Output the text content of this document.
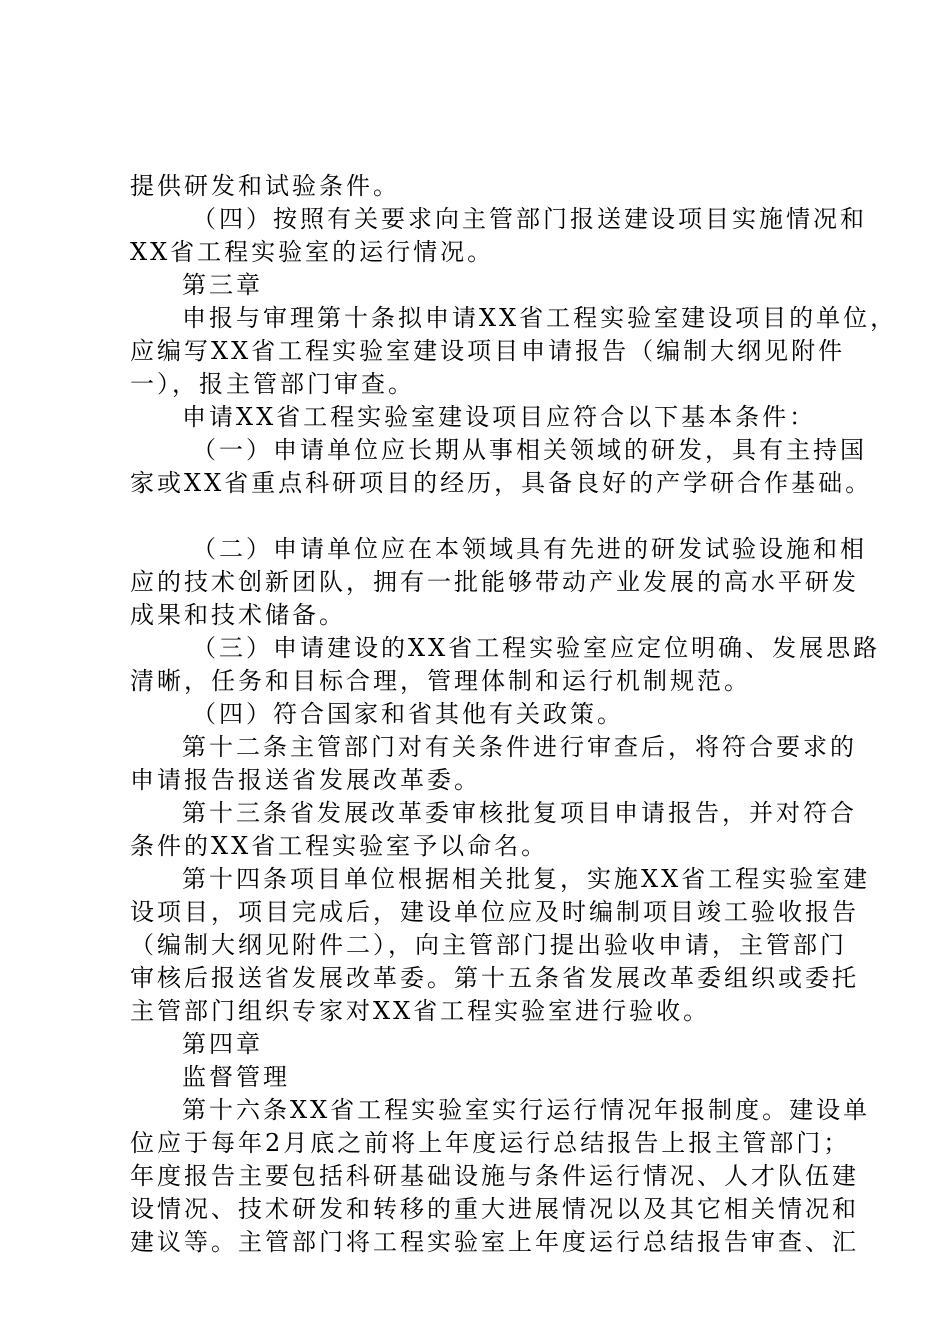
提供研发和试验条件。
（四）按照有关要求向主管部门报送建设项目实施情况和
XX省工程实验室的运行情况。
第三章
申报与审理第十条拟申请XX省工程实验室建设项目的单位，
应编写XX省工程实验室建设项目申请报告（编制大纲见附件
一），报主管部门审查。
申请XX省工程实验室建设项目应符合以下基本条件：
（一）申请单位应长期从事相关领域的研发，具有主持国
家或XX省重点科研项目的经历，具备良好的产学研合作基础。
（二）申请单位应在本领域具有先进的研发试验设施和相
应的技术创新团队，拥有一批能够带动产业发展的高水平研发
成果和技术储备。
（三）申请建设的XX省工程实验室应定位明确、发展思路
清晰，任务和目标合理，管理体制和运行机制规范。
（四）符合国家和省其他有关政策。
第十二条主管部门对有关条件进行审查后，将符合要求的
申请报告报送省发展改革委。
第十三条省发展改革委审核批复项目申请报告，并对符合
条件的XX省工程实验室予以命名。
第十四条项目单位根据相关批复，实施XX省工程实验室建
设项目，项目完成后，建设单位应及时编制项目竣工验收报告
（编制大纲见附件二），向主管部门提出验收申请，主管部门
审核后报送省发展改革委。第十五条省发展改革委组织或委托
主管部门组织专家对XX省工程实验室进行验收。
第四章
监督管理
第十六条XX省工程实验室实行运行情况年报制度。建设单
位应于每年2月底之前将上年度运行总结报告上报主管部门；
年度报告主要包括科研基础设施与条件运行情况、人才队伍建
设情况、技术研发和转移的重大进展情况以及其它相关情况和
建议等。主管部门将工程实验室上年度运行总结报告审查、汇
